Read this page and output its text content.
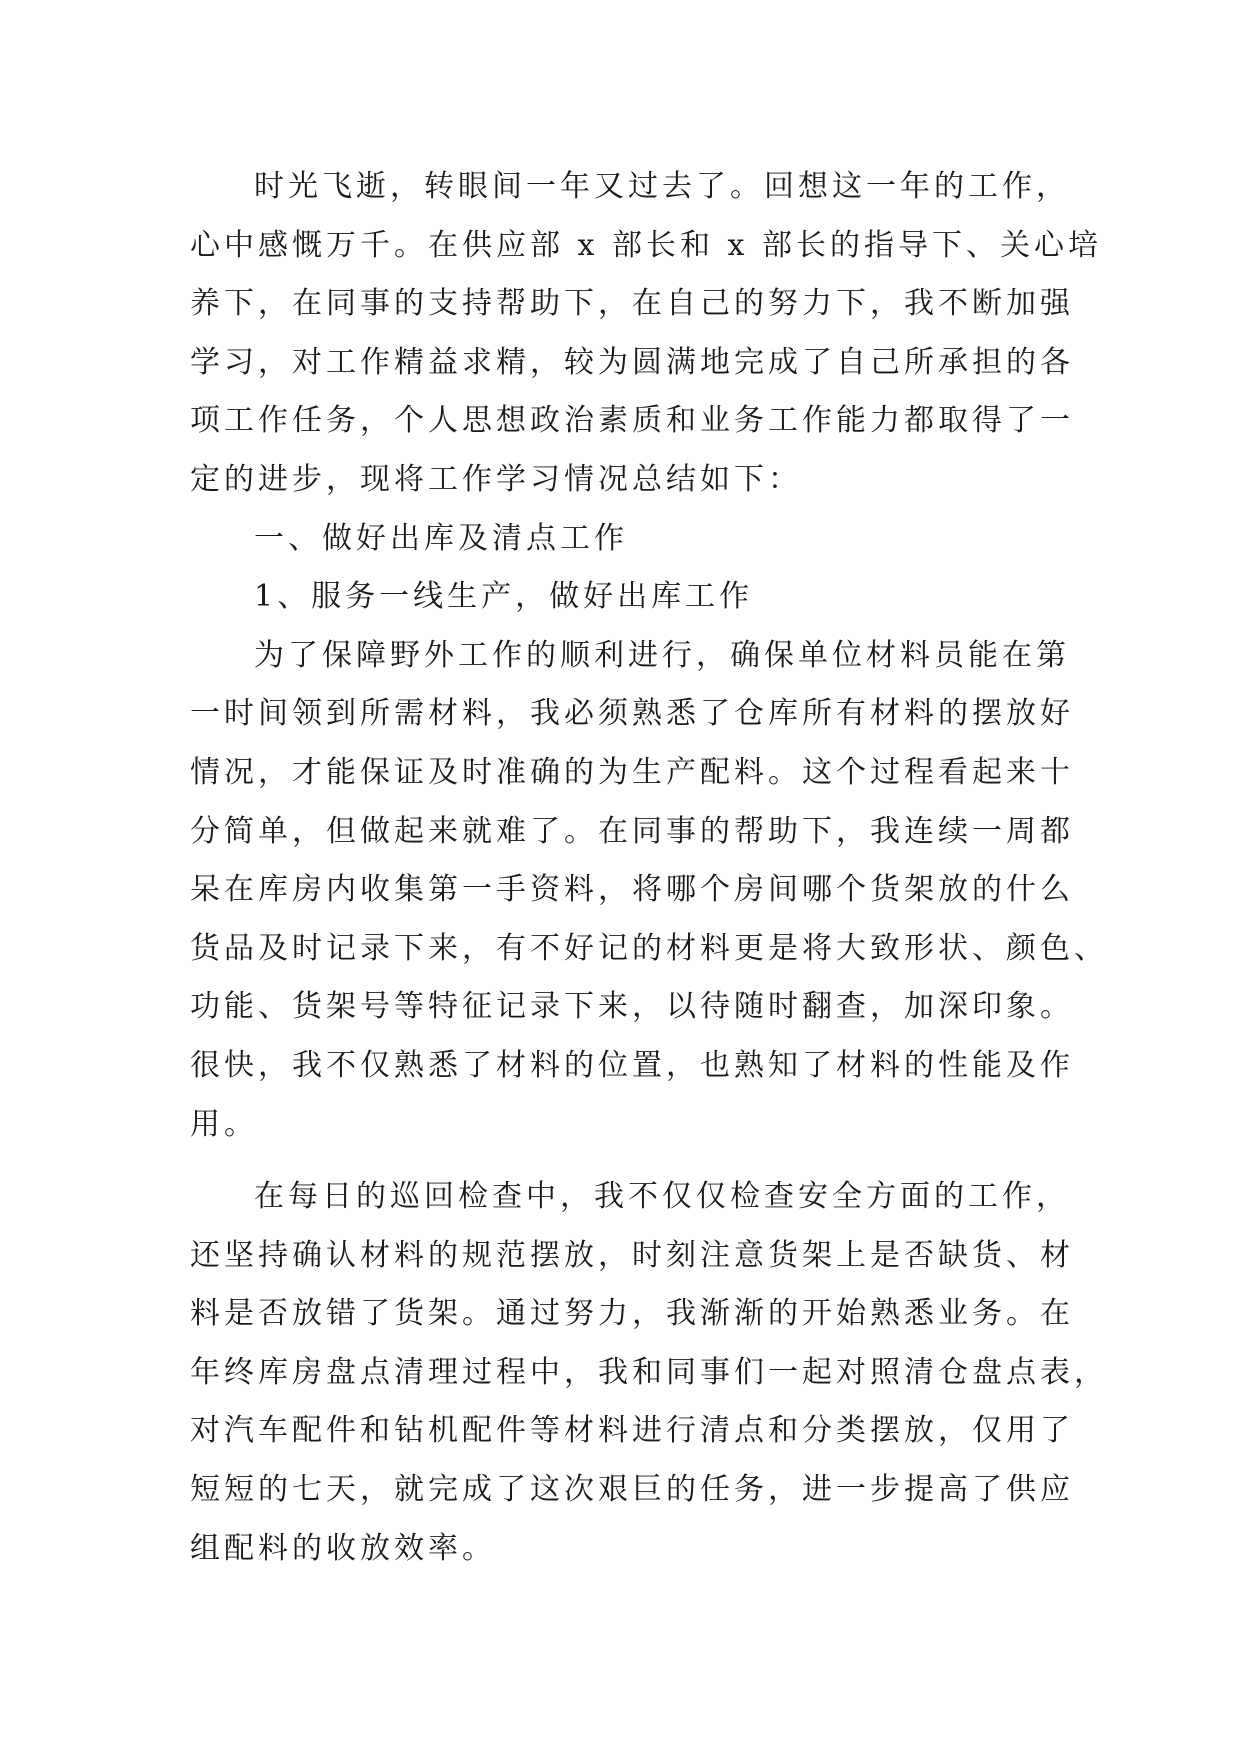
时光飞逝，转眼间一年又过去了。回想这一年的工作，
心中感慨万千。在供应部 x 部长和 x 部长的指导下、关心培
养下，在同事的支持帮助下，在自己的努力下，我不断加强
学习，对工作精益求精，较为圆满地完成了自己所承担的各
项工作任务，个人思想政治素质和业务工作能力都取得了一
定的进步，现将工作学习情况总结如下：
一、做好出库及清点工作
1、服务一线生产，做好出库工作
为了保障野外工作的顺利进行，确保单位材料员能在第
一时间领到所需材料，我必须熟悉了仓库所有材料的摆放好
情况，才能保证及时准确的为生产配料。这个过程看起来十
分简单，但做起来就难了。在同事的帮助下，我连续一周都
呆在库房内收集第一手资料，将哪个房间哪个货架放的什么
货品及时记录下来，有不好记的材料更是将大致形状、颜色、
功能、货架号等特征记录下来，以待随时翻查，加深印象。
很快，我不仅熟悉了材料的位置，也熟知了材料的性能及作
用。
在每日的巡回检查中，我不仅仅检查安全方面的工作，
还坚持确认材料的规范摆放，时刻注意货架上是否缺货、材
料是否放错了货架。通过努力，我渐渐的开始熟悉业务。在
年终库房盘点清理过程中，我和同事们一起对照清仓盘点表，
对汽车配件和钻机配件等材料进行清点和分类摆放，仅用了
短短的七天，就完成了这次艰巨的任务，进一步提高了供应
组配料的收放效率。
